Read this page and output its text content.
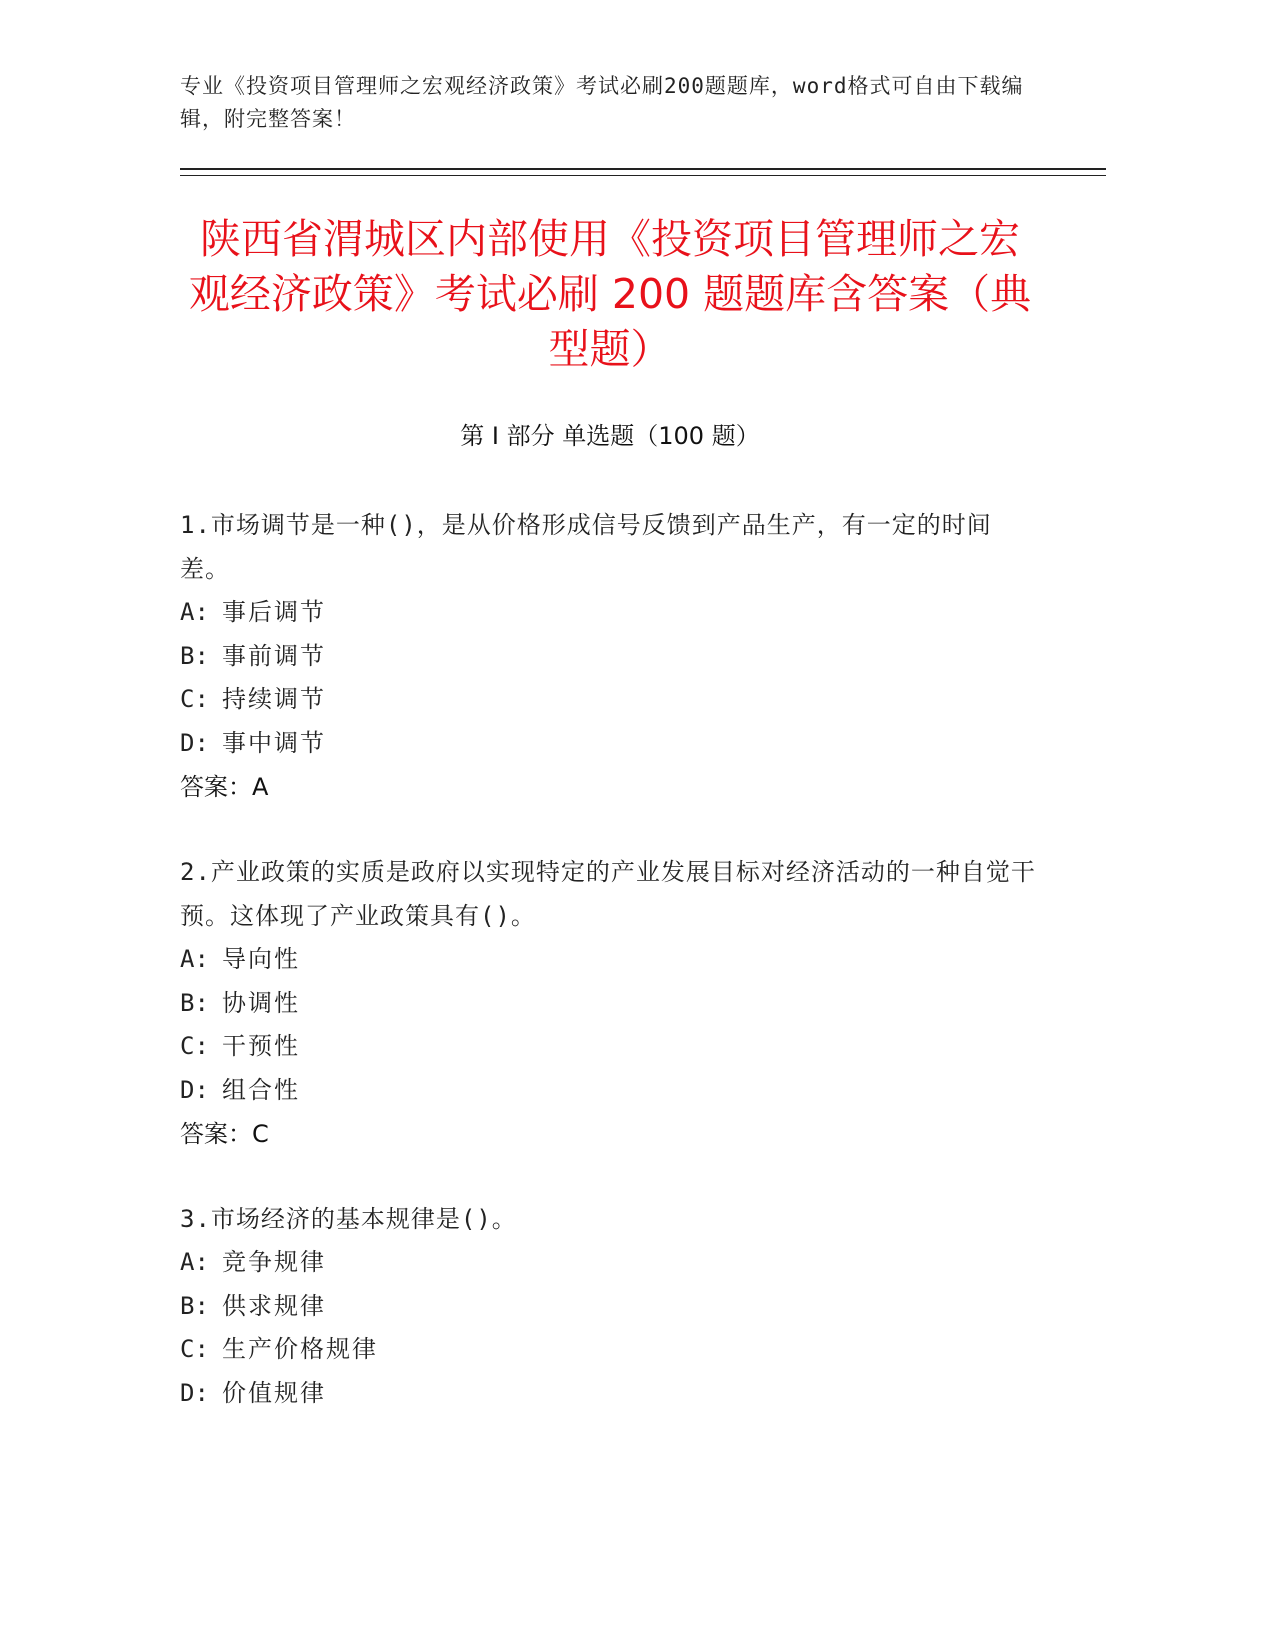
专业《投资项目管理师之宏观经济政策》考试必刷200题题库，word格式可自由下载编辑，附完整答案！
陕西省渭城区内部使用《投资项目管理师之宏观经济政策》考试必刷 200 题题库含答案（典型题）
第 I 部分 单选题（100 题）
1.市场调节是一种()，是从价格形成信号反馈到产品生产，有一定的时间差。
A: 事后调节
B: 事前调节
C: 持续调节
D: 事中调节
答案：A
2.产业政策的实质是政府以实现特定的产业发展目标对经济活动的一种自觉干预。这体现了产业政策具有()。
A: 导向性
B: 协调性
C: 干预性
D: 组合性
答案：C
3.市场经济的基本规律是()。
A: 竞争规律
B: 供求规律
C: 生产价格规律
D: 价值规律
